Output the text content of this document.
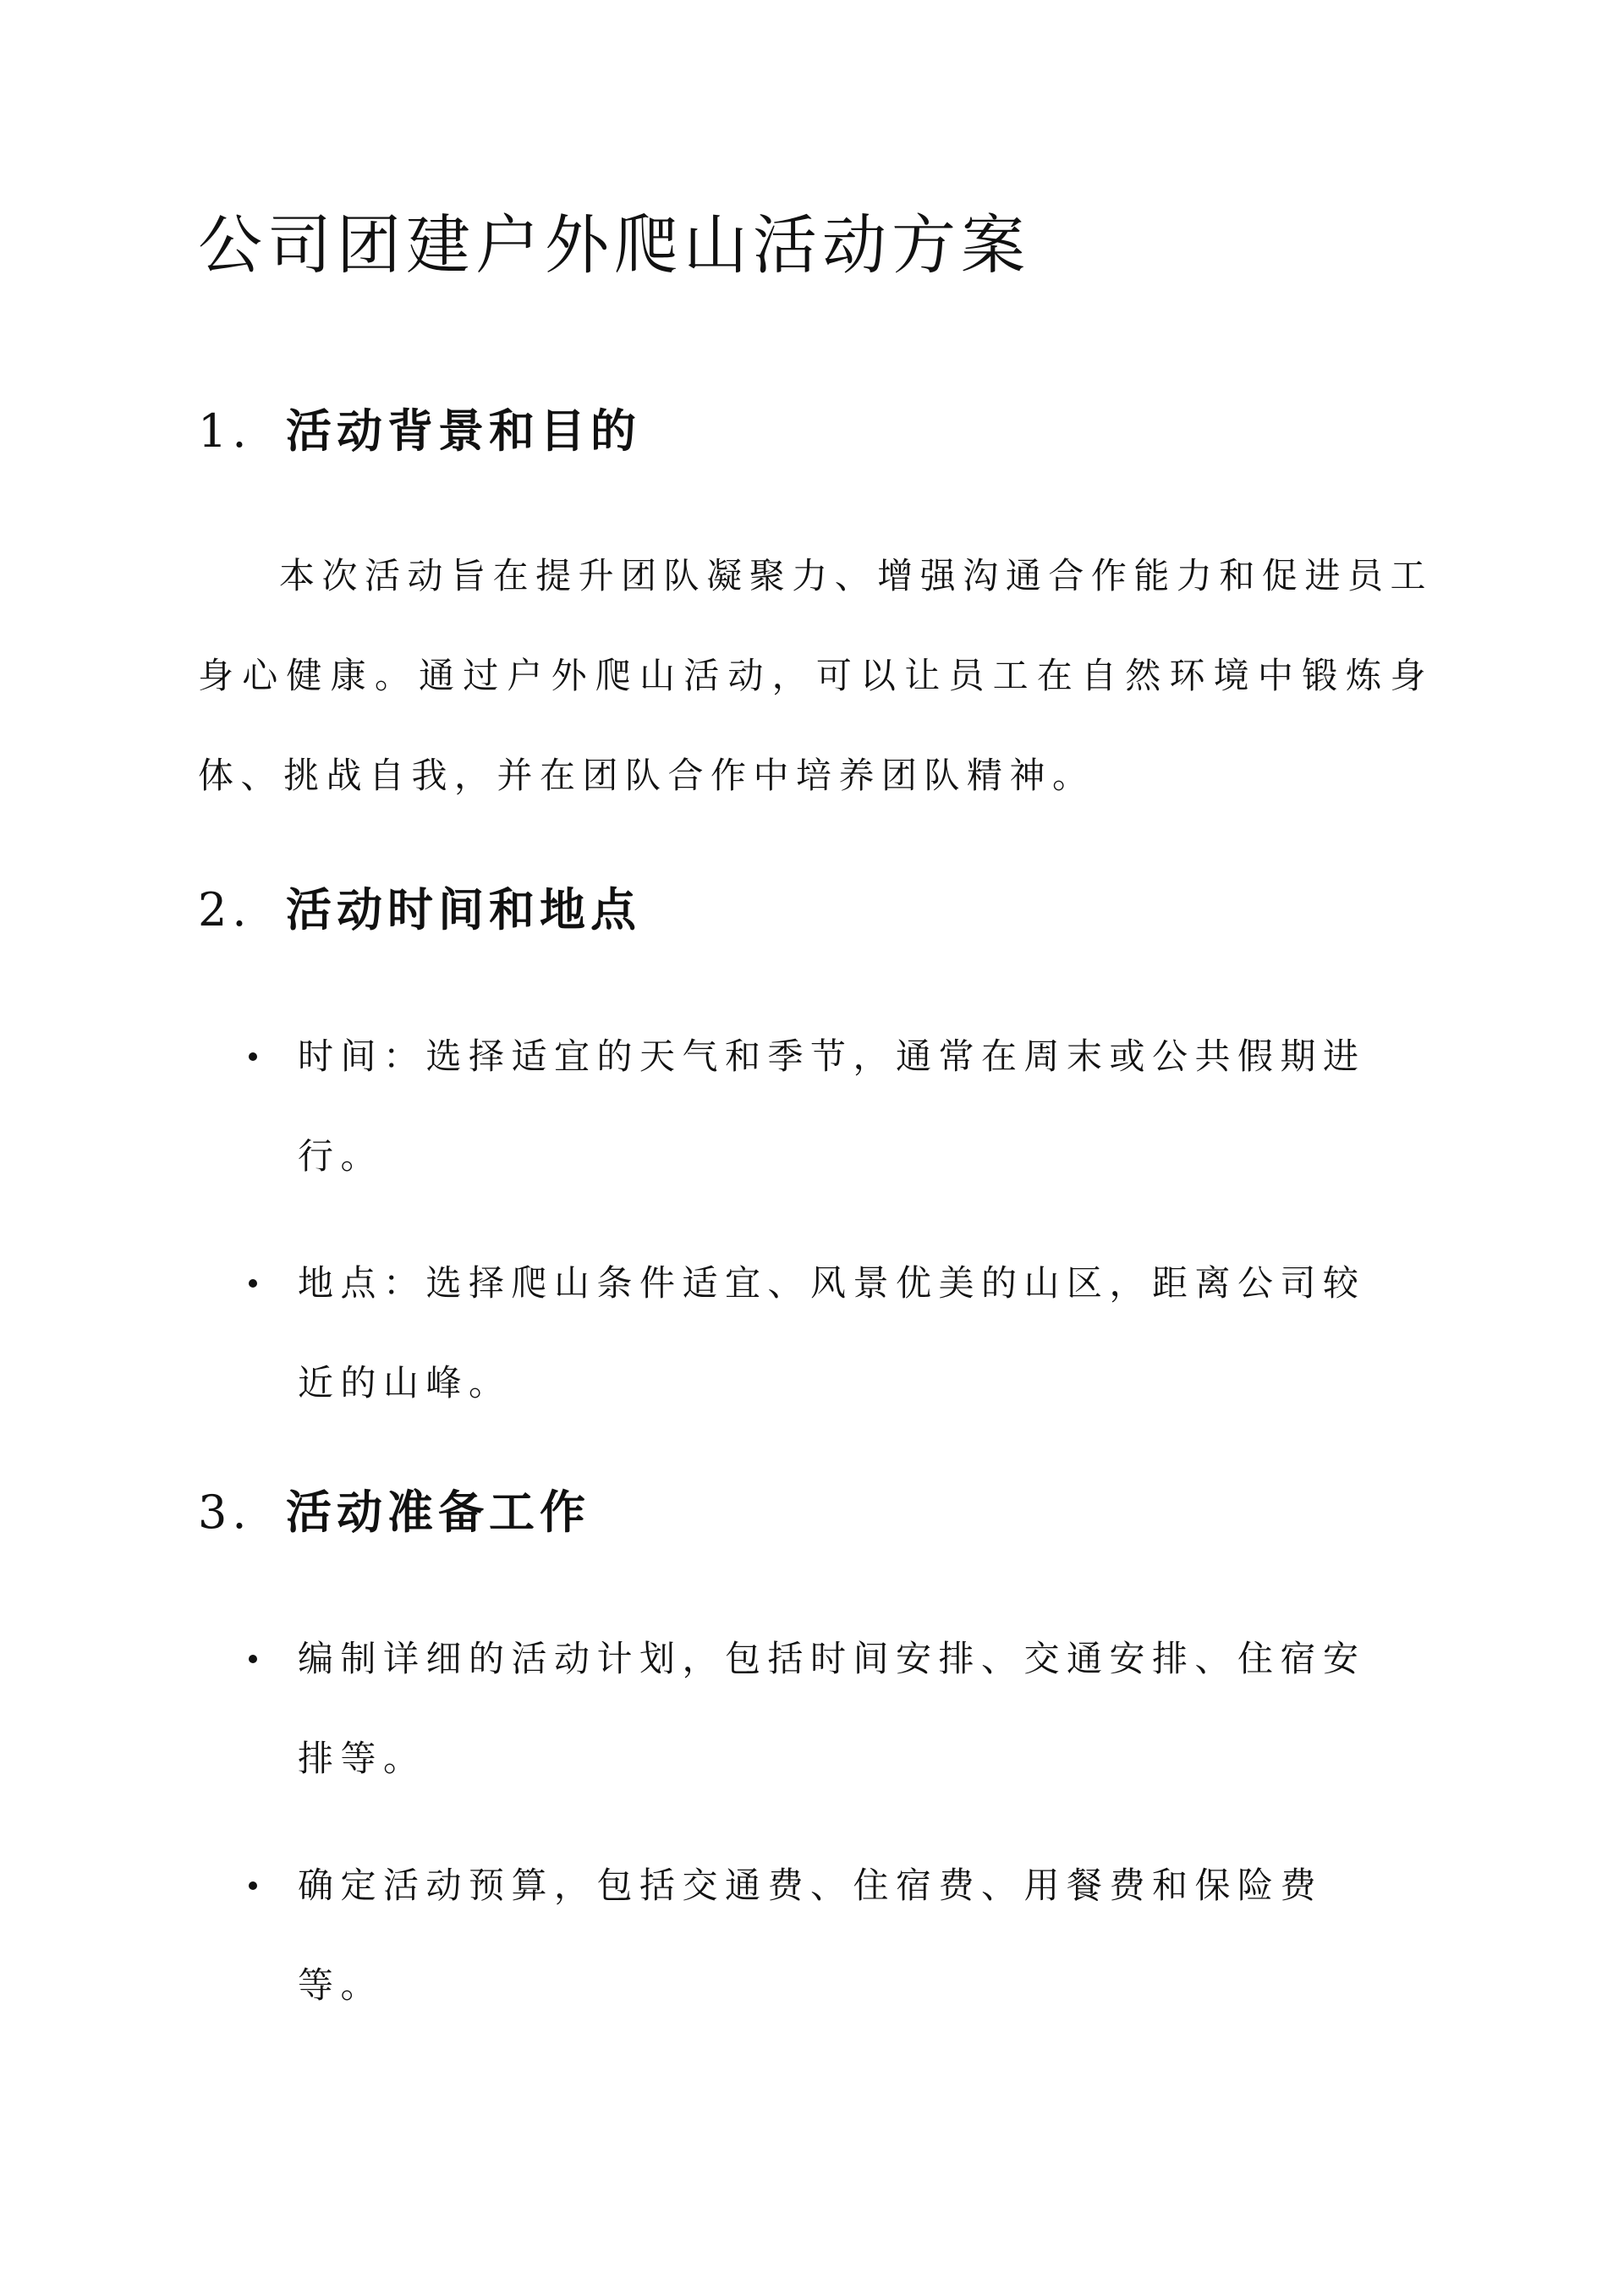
公司团建户外爬山活动方案
1. 活动背景和目的

本次活动旨在提升团队凝聚力、增强沟通合作能力和促进员工身心健康。通过户外爬山活动，可以让员工在自然环境中锻炼身体、挑战自我，并在团队合作中培养团队精神。

2. 活动时间和地点
时间：选择适宜的天气和季节，通常在周末或公共假期进行。
地点：选择爬山条件适宜、风景优美的山区，距离公司较近的山峰。
3. 活动准备工作
编制详细的活动计划，包括时间安排、交通安排、住宿安排等。
确定活动预算，包括交通费、住宿费、用餐费和保险费等。
